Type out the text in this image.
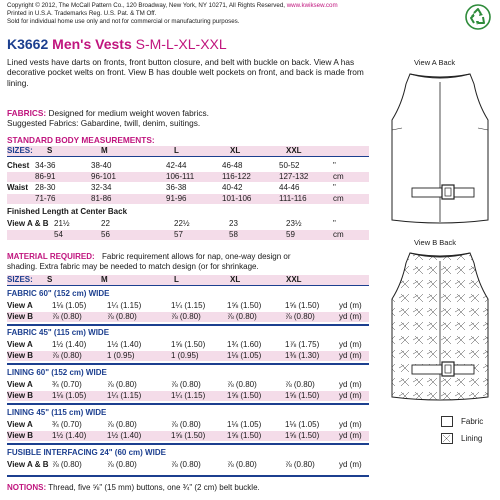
Copyright © 2012, The McCall Pattern Co., 120 Broadway, New York, NY 10271, All Rights Reserved, www.kwiksew.com
Printed in U.S.A. Trademarks Reg. U.S. Pat. & TM Off.
Sold for individual home use only and not for commercial or manufacturing purposes.
K3662 Men's Vests S-M-L-XL-XXL
Lined vests have darts on fronts, front button closure, and belt with buckle on back. View A has decorative pocket welts on front. View B has double welt pockets on front, and back is made from lining.
FABRICS: Designed for medium weight woven fabrics.
Suggested Fabrics: Gabardine, twill, denim, suitings.
STANDARD BODY MEASUREMENTS:
SIZES: S	M	L	XL	XXL
Chest 34-36	38-40	42-44	46-48	50-52	"
86-91	96-101	106-111	116-122	127-132	cm
Waist 28-30	32-34	36-38	40-42	44-46	"
71-76	81-86	91-96	101-106	111-116	cm
Finished Length at Center Back
View A & B 21½	22	22½	23	23½	"
54	56	57	58	59	cm
MATERIAL REQUIRED: Fabric requirement allows for nap, one-way design or
shading. Extra fabric may be needed to match design (or for shrinkage.
SIZES: S	M	L	XL	XXL
FABRIC 60" (152 cm) WIDE
View A 1⅛ (1.05)	1¼ (1.15)	1¼ (1.15)	1⅝ (1.50)	1⅝ (1.50) yd (m)
View B ⅞ (0.80)	⅞ (0.80)	⅞ (0.80)	⅞ (0.80)	⅞ (0.80)	yd (m)
FABRIC 45" (115 cm) WIDE
View A 1½ (1.40)	1½ (1.40)	1⅝ (1.50)	1¾ (1.60)	1⅞ (1.75) yd (m)
View B ⅞ (0.80)	1 (0.95)	1 (0.95)	1⅛ (1.05)	1⅜ (1.30) yd (m)
LINING 60" (152 cm) WIDE
View A ¾ (0.70)	⅞ (0.80)	⅞ (0.80)	⅞ (0.80)	⅞ (0.80)	yd (m)
View B 1⅛ (1.05)	1¼ (1.15)	1¼ (1.15)	1⅝ (1.50)	1⅝ (1.50) yd (m)
LINING 45" (115 cm) WIDE
View A ¾ (0.70)	⅞ (0.80)	⅞ (0.80)	1⅛ (1.05)	1⅛ (1.05) yd (m)
View B 1½ (1.40)	1½ (1.40)	1⅝ (1.50)	1⅝ (1.50)	1⅝ (1.50) yd (m)
FUSIBLE INTERFACING 24" (60 cm) WIDE
View A & B ⅞ (0.80)	⅞ (0.80)	⅞ (0.80)	⅞ (0.80)	⅞ (0.80)	yd (m)
NOTIONS: Thread, five ⅝" (15 mm) buttons, one ¾" (2 cm) belt buckle.
View A Back
View B Back
Fabric
Lining
